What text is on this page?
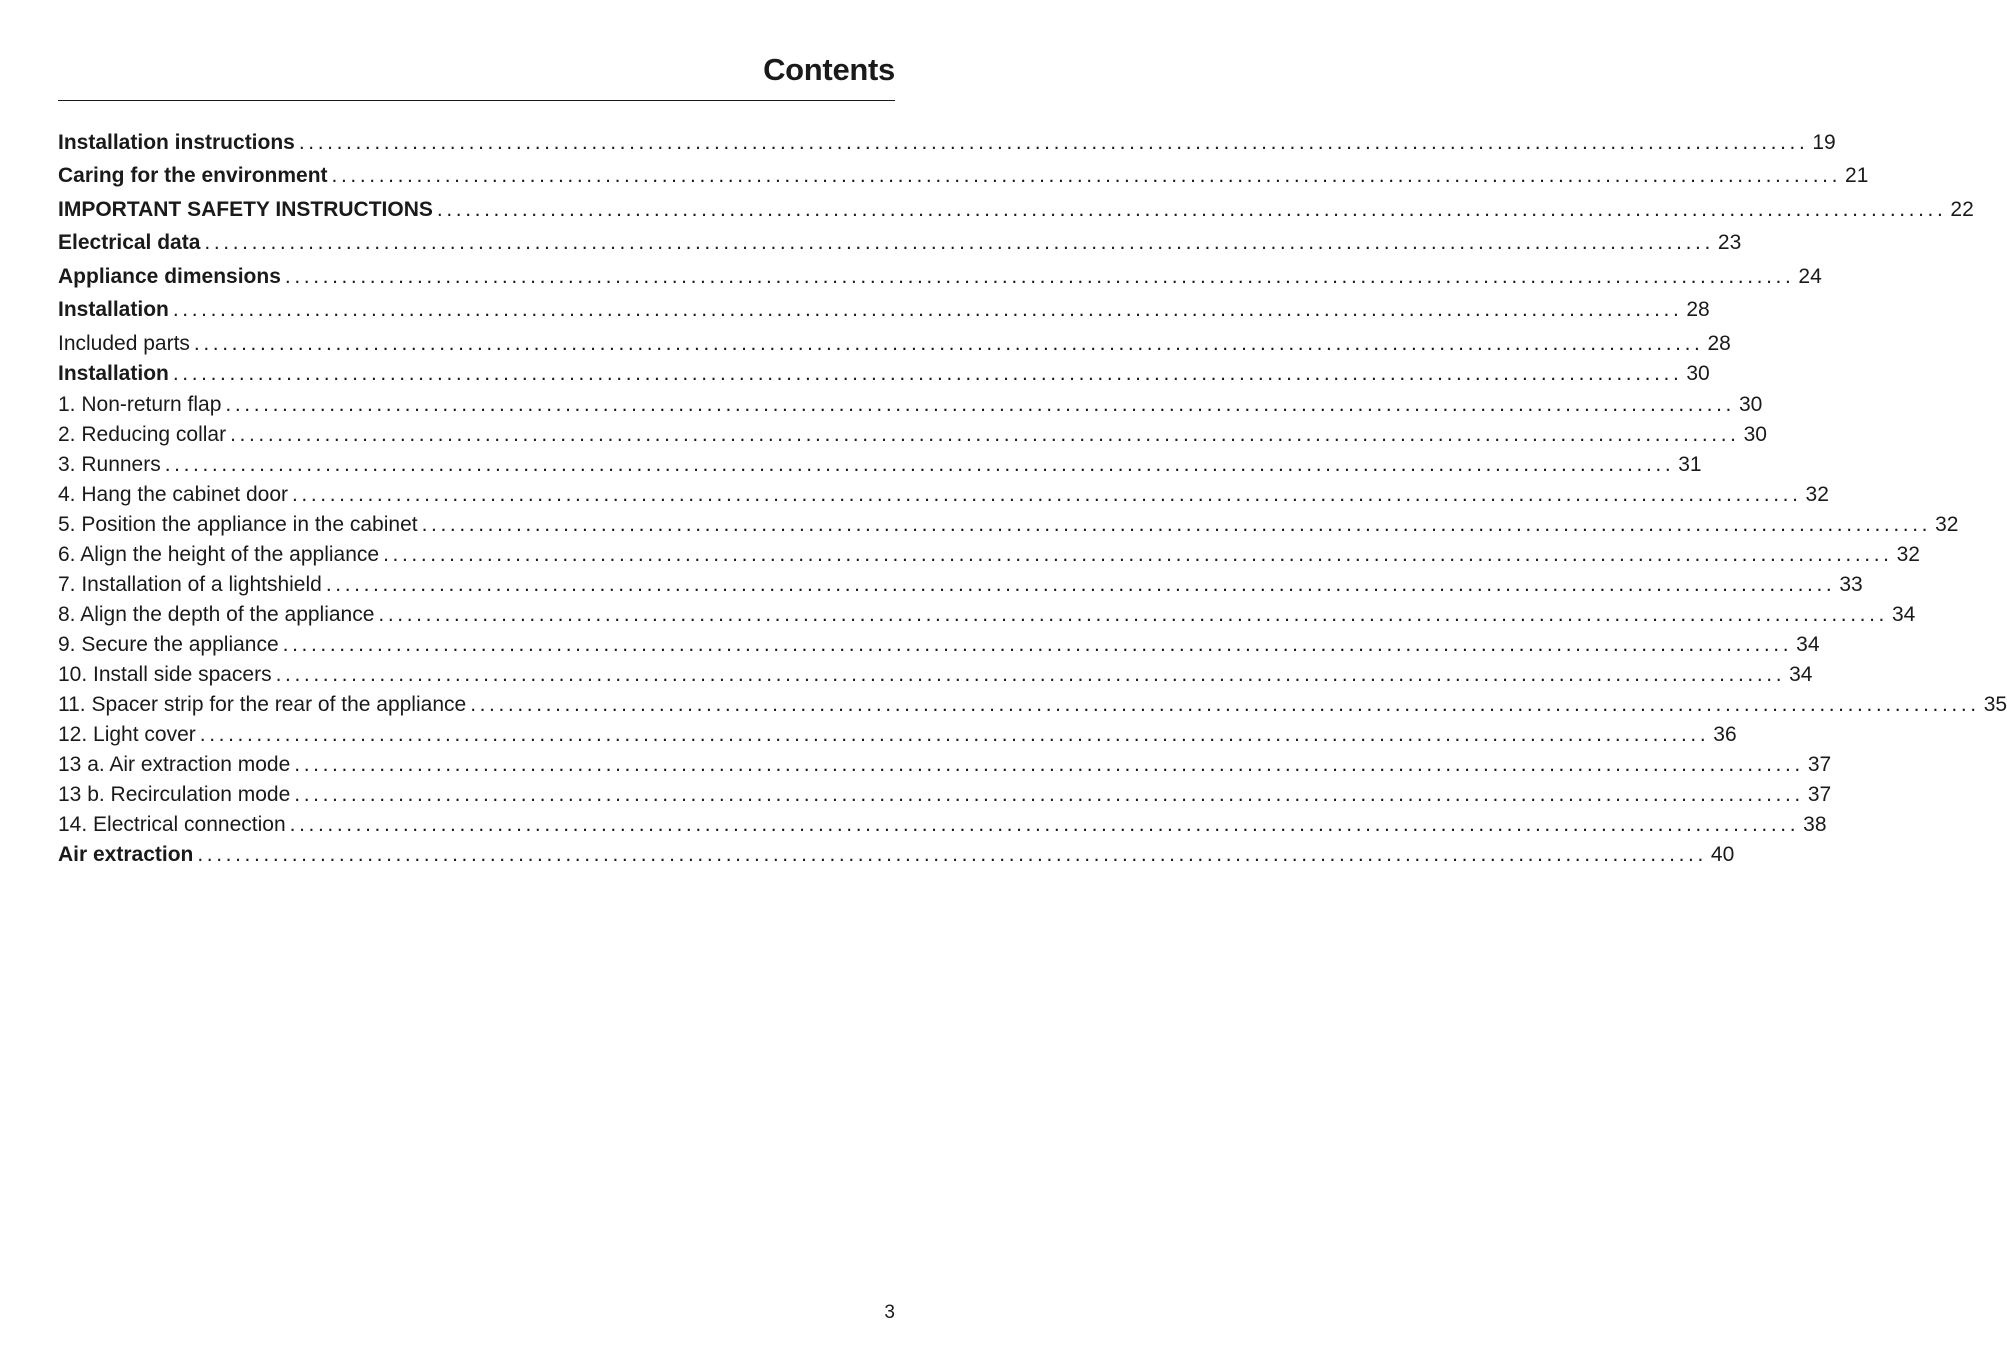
Contents
Installation instructions ................................................................................................................................................................ 19
Caring for the environment ................................................................................................................................................................ 21
IMPORTANT SAFETY INSTRUCTIONS ................................................................................................................................................................ 22
Electrical data ................................................................................................................................................................ 23
Appliance dimensions ................................................................................................................................................................ 24
Installation ................................................................................................................................................................ 28
Included parts ................................................................................................................................................................ 28
Installation ................................................................................................................................................................ 30
1. Non-return flap ................................................................................................................................................................ 30
2. Reducing collar ................................................................................................................................................................ 30
3. Runners ................................................................................................................................................................ 31
4. Hang the cabinet door ................................................................................................................................................................ 32
5. Position the appliance in the cabinet ................................................................................................................................................................ 32
6. Align the height of the appliance ................................................................................................................................................................ 32
7. Installation of a lightshield ................................................................................................................................................................ 33
8. Align the depth of the appliance ................................................................................................................................................................ 34
9. Secure the appliance ................................................................................................................................................................ 34
10. Install side spacers ................................................................................................................................................................ 34
11. Spacer strip for the rear of the appliance ................................................................................................................................................................ 35
12. Light cover ................................................................................................................................................................ 36
13 a. Air extraction mode ................................................................................................................................................................ 37
13 b. Recirculation mode ................................................................................................................................................................ 37
14. Electrical connection ................................................................................................................................................................ 38
Air extraction ................................................................................................................................................................ 40
3
